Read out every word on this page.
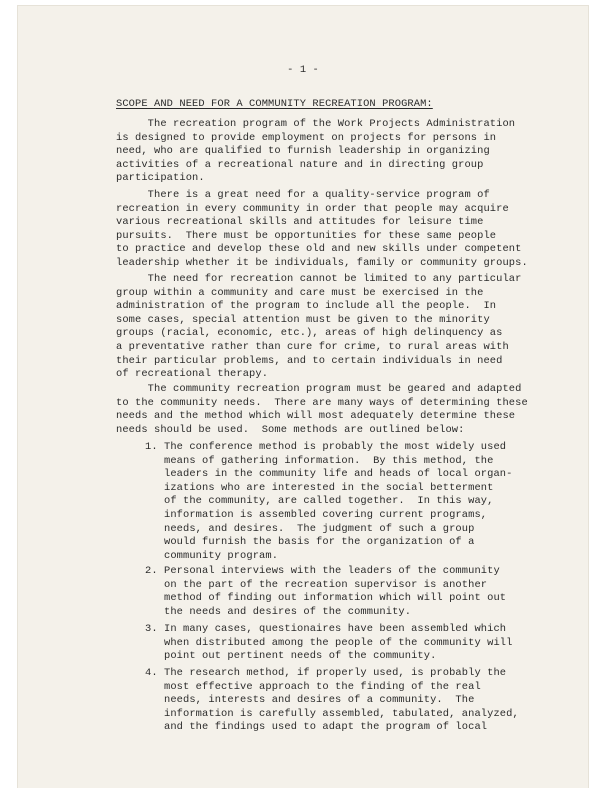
- 1 -
SCOPE AND NEED FOR A COMMUNITY RECREATION PROGRAM:
The recreation program of the Work Projects Administration
is designed to provide employment on projects for persons in
need, who are qualified to furnish leadership in organizing
activities of a recreational nature and in directing group
participation.
There is a great need for a quality-service program of
recreation in every community in order that people may acquire
various recreational skills and attitudes for leisure time
pursuits.  There must be opportunities for these same people
to practice and develop these old and new skills under competent
leadership whether it be individuals, family or community groups.
The need for recreation cannot be limited to any particular
group within a community and care must be exercised in the
administration of the program to include all the people.  In
some cases, special attention must be given to the minority
groups (racial, economic, etc.), areas of high delinquency as
a preventative rather than cure for crime, to rural areas with
their particular problems, and to certain individuals in need
of recreational therapy.
The community recreation program must be geared and adapted
to the community needs.  There are many ways of determining these
needs and the method which will most adequately determine these
needs should be used.  Some methods are outlined below:
1. The conference method is probably the most widely used
means of gathering information.  By this method, the
leaders in the community life and heads of local organ-
izations who are interested in the social betterment
of the community, are called together.  In this way,
information is assembled covering current programs,
needs, and desires.  The judgment of such a group
would furnish the basis for the organization of a
community program.
2. Personal interviews with the leaders of the community
on the part of the recreation supervisor is another
method of finding out information which will point out
the needs and desires of the community.
3. In many cases, questionaires have been assembled which
when distributed among the people of the community will
point out pertinent needs of the community.
4. The research method, if properly used, is probably the
most effective approach to the finding of the real
needs, interests and desires of a community.  The
information is carefully assembled, tabulated, analyzed,
and the findings used to adapt the program of local
